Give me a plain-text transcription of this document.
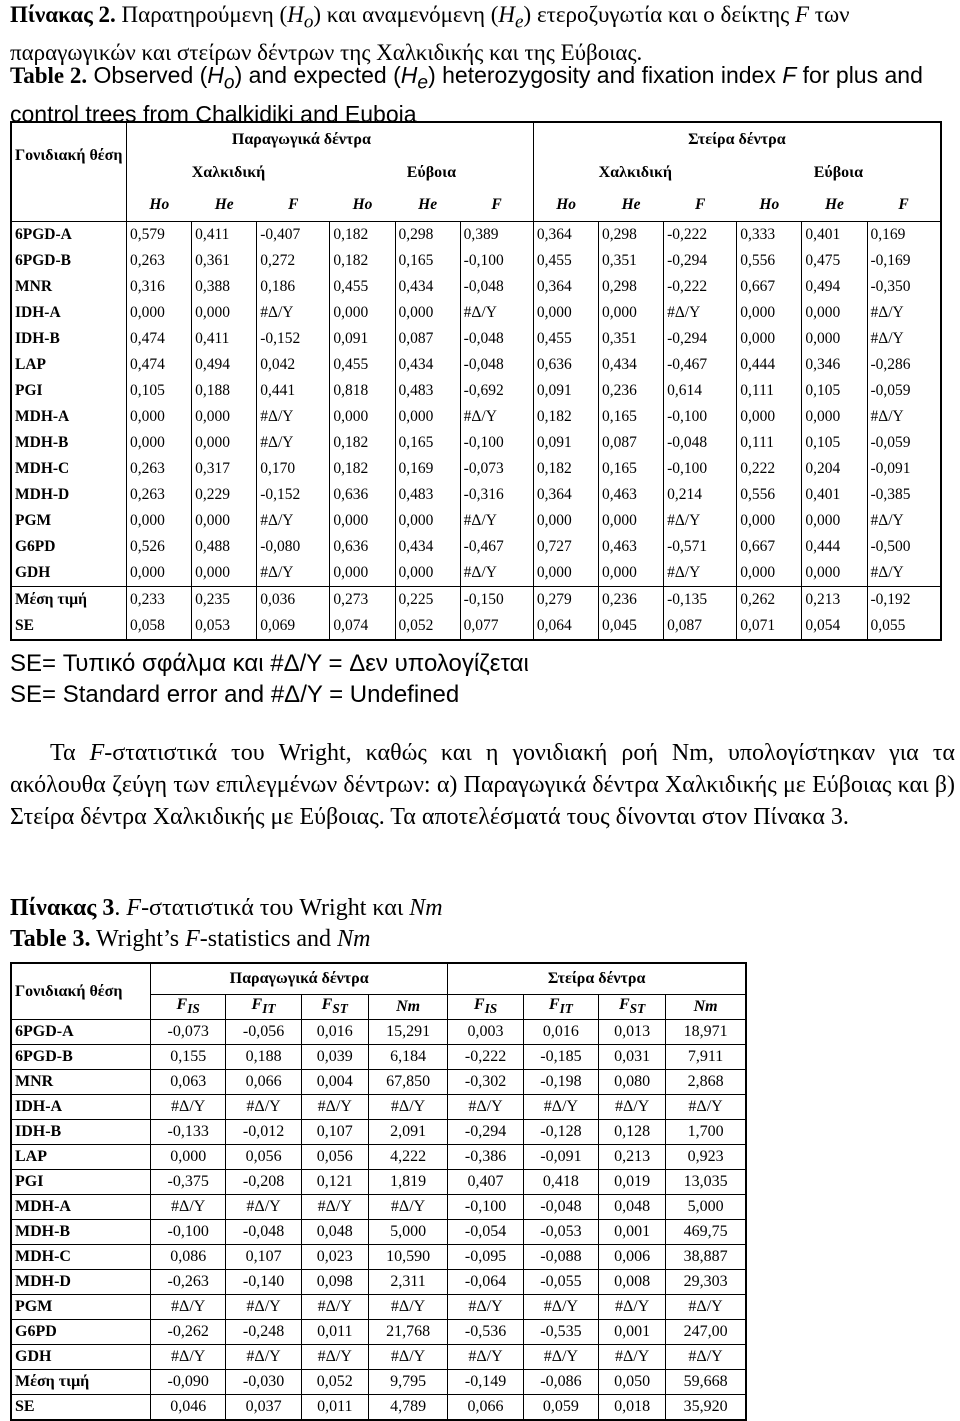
Πίνακας 2. Παρατηρούμενη $(H_o)$ και αναμενόμενη $(H_e)$ ετεροζυγωτία και ο δείκτης F των παραγωγικών και στείρων δέντρων της Χαλκιδικής και της Εύβοιας.
Table 2. Observed $(H_o)$ and expected $(H_e)$ heterozygosity and fixation index F for plus and control trees from Chalkidiki and Euboia
Γονιδιακή θέση	Παραγωγικά δέντρα						Στείρα δέντρα					
	Χαλκιδική			Εύβοια			Χαλκιδική			Εύβοια		
	Ho	He	F	Ho	He	F	Ho	He	F	Ho	He	F
6PGD-A	0,579	0,411	-0,407	0,182	0,298	0,389	0,364	0,298	-0,222	0,333	0,401	0,169
6PGD-B	0,263	0,361	0,272	0,182	0,165	-0,100	0,455	0,351	-0,294	0,556	0,475	-0,169
MNR	0,316	0,388	0,186	0,455	0,434	-0,048	0,364	0,298	-0,222	0,667	0,494	-0,350
IDH-A	0,000	0,000	#Δ/Y	0,000	0,000	#Δ/Y	0,000	0,000	#Δ/Y	0,000	0,000	#Δ/Y
IDH-B	0,474	0,411	-0,152	0,091	0,087	-0,048	0,455	0,351	-0,294	0,000	0,000	#Δ/Y
LAP	0,474	0,494	0,042	0,455	0,434	-0,048	0,636	0,434	-0,467	0,444	0,346	-0,286
PGI	0,105	0,188	0,441	0,818	0,483	-0,692	0,091	0,236	0,614	0,111	0,105	-0,059
MDH-A	0,000	0,000	#Δ/Y	0,000	0,000	#Δ/Y	0,182	0,165	-0,100	0,000	0,000	#Δ/Y
MDH-B	0,000	0,000	#Δ/Y	0,182	0,165	-0,100	0,091	0,087	-0,048	0,111	0,105	-0,059
MDH-C	0,263	0,317	0,170	0,182	0,169	-0,073	0,182	0,165	-0,100	0,222	0,204	-0,091
MDH-D	0,263	0,229	-0,152	0,636	0,483	-0,316	0,364	0,463	0,214	0,556	0,401	-0,385
PGM	0,000	0,000	#Δ/Y	0,000	0,000	#Δ/Y	0,000	0,000	#Δ/Y	0,000	0,000	#Δ/Y
G6PD	0,526	0,488	-0,080	0,636	0,434	-0,467	0,727	0,463	-0,571	0,667	0,444	-0,500
GDH	0,000	0,000	#Δ/Y	0,000	0,000	#Δ/Y	0,000	0,000	#Δ/Y	0,000	0,000	#Δ/Y
Μέση τιμή	0,233	0,235	0,036	0,273	0,225	-0,150	0,279	0,236	-0,135	0,262	0,213	-0,192
SE	0,058	0,053	0,069	0,074	0,052	0,077	0,064	0,045	0,087	0,071	0,054	0,055
SE= Τυπικό σφάλμα και #Δ/Y = Δεν υπολογίζεται
SE= Standard error and #Δ/Y = Undefined
Τα F-στατιστικά του Wright, καθώς και η γονιδιακή ροή Nm, υπολογίστηκαν για τα ακόλουθα ζεύγη των επιλεγμένων δέντρων: α) Παραγωγικά δέντρα Χαλκιδικής με Εύβοιας και β) Στείρα δέντρα Χαλκιδικής με Εύβοιας. Τα αποτελέσματά τους δίνονται στον Πίνακα 3.
Πίνακας 3. F-στατιστικά του Wright και Nm
Table 3. Wright’s F-statistics and Nm
Γονιδιακή θέση	Παραγωγικά δέντρα				Στείρα δέντρα			
	$F_{IS}$	$F_{IT}$	$F_{ST}$	Nm	$F_{IS}$	$F_{IT}$	$F_{ST}$	Nm
6PGD-A	-0,073	-0,056	0,016	15,291	0,003	0,016	0,013	18,971
6PGD-B	0,155	0,188	0,039	6,184	-0,222	-0,185	0,031	7,911
MNR	0,063	0,066	0,004	67,850	-0,302	-0,198	0,080	2,868
IDH-A	#Δ/Y	#Δ/Y	#Δ/Y	#Δ/Y	#Δ/Y	#Δ/Y	#Δ/Y	#Δ/Y
IDH-B	-0,133	-0,012	0,107	2,091	-0,294	-0,128	0,128	1,700
LAP	0,000	0,056	0,056	4,222	-0,386	-0,091	0,213	0,923
PGI	-0,375	-0,208	0,121	1,819	0,407	0,418	0,019	13,035
MDH-A	#Δ/Y	#Δ/Y	#Δ/Y	#Δ/Y	-0,100	-0,048	0,048	5,000
MDH-B	-0,100	-0,048	0,048	5,000	-0,054	-0,053	0,001	469,75
MDH-C	0,086	0,107	0,023	10,590	-0,095	-0,088	0,006	38,887
MDH-D	-0,263	-0,140	0,098	2,311	-0,064	-0,055	0,008	29,303
PGM	#Δ/Y	#Δ/Y	#Δ/Y	#Δ/Y	#Δ/Y	#Δ/Y	#Δ/Y	#Δ/Y
G6PD	-0,262	-0,248	0,011	21,768	-0,536	-0,535	0,001	247,00
GDH	#Δ/Y	#Δ/Y	#Δ/Y	#Δ/Y	#Δ/Y	#Δ/Y	#Δ/Y	#Δ/Y
Μέση τιμή	-0,090	-0,030	0,052	9,795	-0,149	-0,086	0,050	59,668
SE	0,046	0,037	0,011	4,789	0,066	0,059	0,018	35,920
